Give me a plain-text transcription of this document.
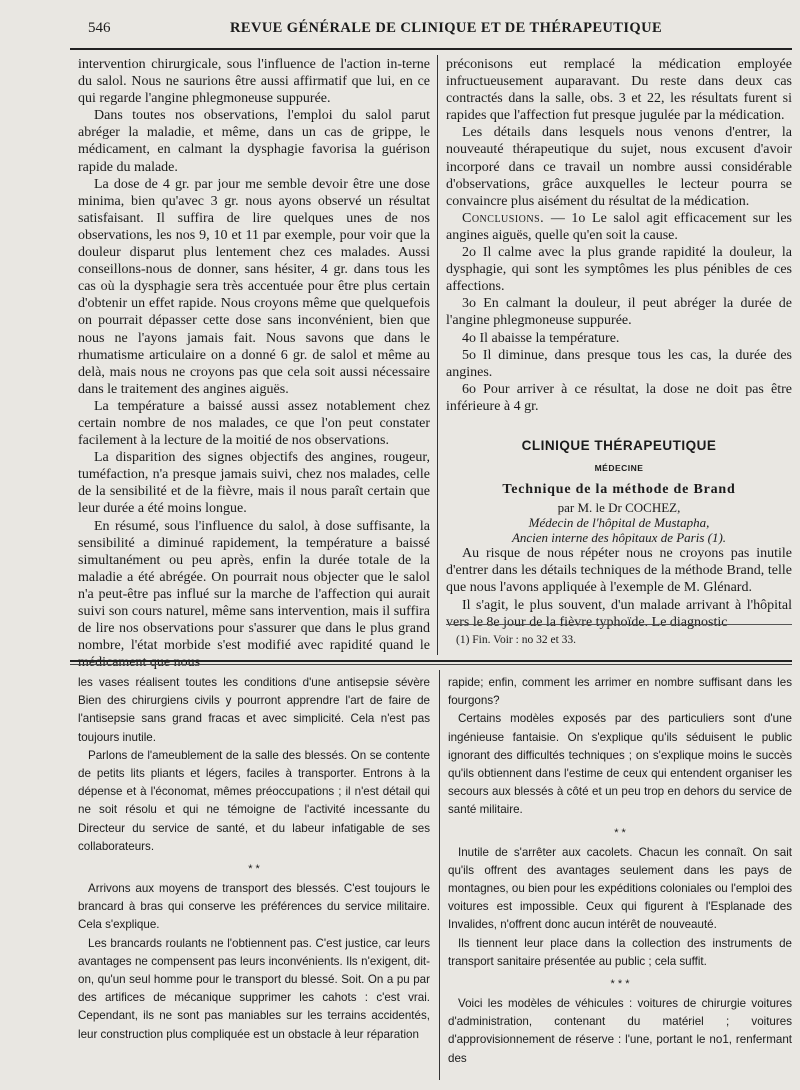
546	REVUE GÉNÉRALE DE CLINIQUE ET DE THÉRAPEUTIQUE

intervention chirurgicale, sous l'influence de l'action in-terne du salol. Nous ne saurions être aussi affirmatif que lui, en ce qui regarde l'angine phlegmoneuse suppurée.

Dans toutes nos observations, l'emploi du salol parut abréger la maladie, et même, dans un cas de grippe, le médicament, en calmant la dysphagie favorisa la guérison rapide du malade.

La dose de 4 gr. par jour me semble devoir être une dose minima, bien qu'avec 3 gr. nous ayons observé un résultat satisfaisant. Il suffira de lire quelques unes de nos observations, les nos 9, 10 et 11 par exemple, pour voir que la douleur disparut plus lentement chez ces malades. Aussi conseillons-nous de donner, sans hésiter, 4 gr. dans tous les cas où la dysphagie sera très accentuée pour être plus certain d'obtenir un effet rapide. Nous croyons même que quelquefois on pourrait dépasser cette dose sans inconvénient, bien que nous ne l'ayons jamais fait. Nous savons que dans le rhumatisme articulaire on a donné 6 gr. de salol et même au delà, mais nous ne croyons pas que cela soit aussi nécessaire dans le traitement des angines aiguës.

La température a baissé aussi assez notablement chez certain nombre de nos malades, ce que l'on peut constater facilement à la lecture de la moitié de nos observations.

La disparition des signes objectifs des angines, rougeur, tuméfaction, n'a presque jamais suivi, chez nos malades, celle de la sensibilité et de la fièvre, mais il nous paraît certain que leur durée a été moins longue.

En résumé, sous l'influence du salol, à dose suffisante, la sensibilité a diminué rapidement, la température a baissé simultanément ou peu après, enfin la durée totale de la maladie a été abrégée. On pourrait nous objecter que le salol n'a peut-être pas influé sur la marche de l'affection qui aurait suivi son cours naturel, même sans intervention, mais il suffira de lire nos observations pour s'assurer que dans le plus grand nombre, l'état morbide s'est modifié avec rapidité quand le médicament que nous

préconisons eut remplacé la médication employée infructueusement auparavant. Du reste dans deux cas contractés dans la salle, obs. 3 et 22, les résultats furent si rapides que l'affection fut presque jugulée par la médication.

Les détails dans lesquels nous venons d'entrer, la nouveauté thérapeutique du sujet, nous excusent d'avoir incorporé dans ce travail un nombre aussi considérable d'observations, grâce auxquelles le lecteur pourra se convaincre plus aisément du résultat de la médication.

Conclusions. — 1o Le salol agit efficacement sur les angines aiguës, quelle qu'en soit la cause.

2o Il calme avec la plus grande rapidité la douleur, la dysphagie, qui sont les symptômes les plus pénibles de ces affections.

3o En calmant la douleur, il peut abréger la durée de l'angine phlegmoneuse suppurée.

4o Il abaisse la température.

5o Il diminue, dans presque tous les cas, la durée des angines.

6o Pour arriver à ce résultat, la dose ne doit pas être inférieure à 4 gr.

CLINIQUE THÉRAPEUTIQUE
MÉDECINE
Technique de la méthode de Brand
par M. le Dr COCHEZ,
Médecin de l'hôpital de Mustapha,
Ancien interne des hôpitaux de Paris (1).

Au risque de nous répéter nous ne croyons pas inutile d'entrer dans les détails techniques de la méthode Brand, telle que nous l'avons appliquée à l'exemple de M. Glénard.

Il s'agit, le plus souvent, d'un malade arrivant à l'hôpital vers le 8e jour de la fièvre typhoïde. Le diagnostic

(1) Fin. Voir : no 32 et 33.

les vases réalisent toutes les conditions d'une antisepsie sévère Bien des chirurgiens civils y pourront apprendre l'art de faire de l'antisepsie sans grand fracas et avec simplicité. Cela n'est pas toujours inutile.

Parlons de l'ameublement de la salle des blessés. On se contente de petits lits pliants et légers, faciles à transporter. Entrons à la dépense et à l'économat, mêmes préoccupations ; il n'est détail qui ne soit résolu et qui ne témoigne de l'activité incessante du Directeur du service de santé, et du labeur infatigable de ses collaborateurs.

* *

Arrivons aux moyens de transport des blessés. C'est toujours le brancard à bras qui conserve les préférences du service militaire. Cela s'explique.

Les brancards roulants ne l'obtiennent pas. C'est justice, car leurs avantages ne compensent pas leurs inconvénients. Ils n'exigent, dit-on, qu'un seul homme pour le transport du blessé. Soit. On a pu par des artifices de mécanique supprimer les cahots : c'est vrai. Cependant, ils ne sont pas maniables sur les terrains accidentés, leur construction plus compliquée est un obstacle à leur réparation

rapide; enfin, comment les arrimer en nombre suffisant dans les fourgons?

Certains modèles exposés par des particuliers sont d'une ingénieuse fantaisie. On s'explique qu'ils séduisent le public ignorant des difficultés techniques ; on s'explique moins le succès qu'ils obtiennent dans l'estime de ceux qui entendent organiser les secours aux blessés à côté et un peu trop en dehors du service de santé militaire.

* *

Inutile de s'arrêter aux cacolets. Chacun les connaît. On sait qu'ils offrent des avantages seulement dans les pays de montagnes, ou bien pour les expéditions coloniales ou l'emploi des voitures est impossible. Ceux qui figurent à l'Esplanade des Invalides, n'offrent donc aucun intérêt de nouveauté.

Ils tiennent leur place dans la collection des instruments de transport sanitaire présentée au public ; cela suffit.

* * *

Voici les modèles de véhicules : voitures de chirurgie voitures d'administration, contenant du matériel ; voitures d'approvisionnement de réserve : l'une, portant le no1, renfermant des
